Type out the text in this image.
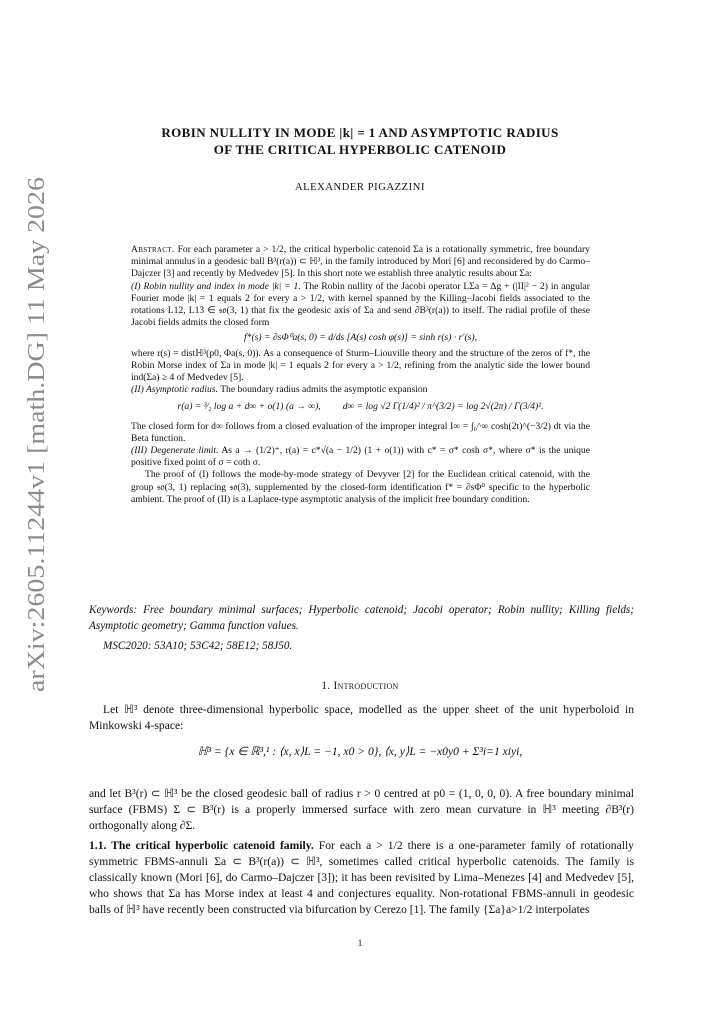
arXiv:2605.11244v1 [math.DG] 11 May 2026
ROBIN NULLITY IN MODE |k| = 1 AND ASYMPTOTIC RADIUS
OF THE CRITICAL HYPERBOLIC CATENOID
ALEXANDER PIGAZZINI

Abstract. For each parameter a > 1/2, the critical hyperbolic catenoid Σa is a rotationally symmetric, free boundary minimal annulus in a geodesic ball B³(r(a)) ⊂ ℍ³, in the family introduced by Mori [6] and reconsidered by do Carmo–Dajczer [3] and recently by Medvedev [5]. In this short note we establish three analytic results about Σa:

(I) Robin nullity and index in mode |k| = 1. The Robin nullity of the Jacobi operator LΣa = Δg + (|II|² − 2) in angular Fourier mode |k| = 1 equals 2 for every a > 1/2, with kernel spanned by the Killing–Jacobi fields associated to the rotations L12, L13 ∈ 𝔰𝔬(3, 1) that fix the geodesic axis of Σa and send ∂B³(r(a)) to itself. The radial profile of these Jacobi fields admits the closed form

f*(s) = ∂sΦ⁰a(s, 0) = d/ds [A(s) cosh φ(s)] = sinh r(s) · r′(s),

where r(s) = distℍ³(p0, Φa(s, 0)). As a consequence of Sturm–Liouville theory and the structure of the zeros of f*, the Robin Morse index of Σa in mode |k| = 1 equals 2 for every a > 1/2, refining from the analytic side the lower bound ind(Σa) ≥ 4 of Medvedev [5].

(II) Asymptotic radius. The boundary radius admits the asymptotic expansion

r(a) = ³⁄₂ log a + d∞ + o(1) (a → ∞), d∞ = log √2 Γ(1/4)² / π^(3/2) = log 2√(2π) / Γ(3/4)².

The closed form for d∞ follows from a closed evaluation of the improper integral I∞ = ∫₀^∞ cosh(2t)^(−3/2) dt via the Beta function.

(III) Degenerate limit. As a → (1/2)⁺, r(a) = c*√(a − 1/2) (1 + o(1)) with c* = σ* cosh σ*, where σ* is the unique positive fixed point of σ = coth σ.

The proof of (I) follows the mode-by-mode strategy of Devyver [2] for the Euclidean critical catenoid, with the group 𝔰𝔬(3, 1) replacing 𝔰𝔬(3), supplemented by the closed-form identification f* = ∂sΦ⁰ specific to the hyperbolic ambient. The proof of (II) is a Laplace-type asymptotic analysis of the implicit free boundary condition.

Keywords: Free boundary minimal surfaces; Hyperbolic catenoid; Jacobi operator; Robin nullity; Killing fields; Asymptotic geometry; Gamma function values.
MSC2020: 53A10; 53C42; 58E12; 58J50.
1. Introduction

Let ℍ³ denote three-dimensional hyperbolic space, modelled as the upper sheet of the unit hyperboloid in Minkowski 4-space:

ℍ³ = {x ∈ ℝ³,¹ : ⟨x, x⟩L = −1, x0 > 0}, ⟨x, y⟩L = −x0y0 + Σ³i=1 xiyi,

and let B³(r) ⊂ ℍ³ be the closed geodesic ball of radius r > 0 centred at p0 = (1, 0, 0, 0). A free boundary minimal surface (FBMS) Σ ⊂ B³(r) is a properly immersed surface with zero mean curvature in ℍ³ meeting ∂B³(r) orthogonally along ∂Σ.

1.1. The critical hyperbolic catenoid family. For each a > 1/2 there is a one-parameter family of rotationally symmetric FBMS-annuli Σa ⊂ B³(r(a)) ⊂ ℍ³, sometimes called critical hyperbolic catenoids. The family is classically known (Mori [6], do Carmo–Dajczer [3]); it has been revisited by Lima–Menezes [4] and Medvedev [5], who shows that Σa has Morse index at least 4 and conjectures equality. Non-rotational FBMS-annuli in geodesic balls of ℍ³ have recently been constructed via bifurcation by Cerezo [1]. The family {Σa}a>1/2 interpolates

1
